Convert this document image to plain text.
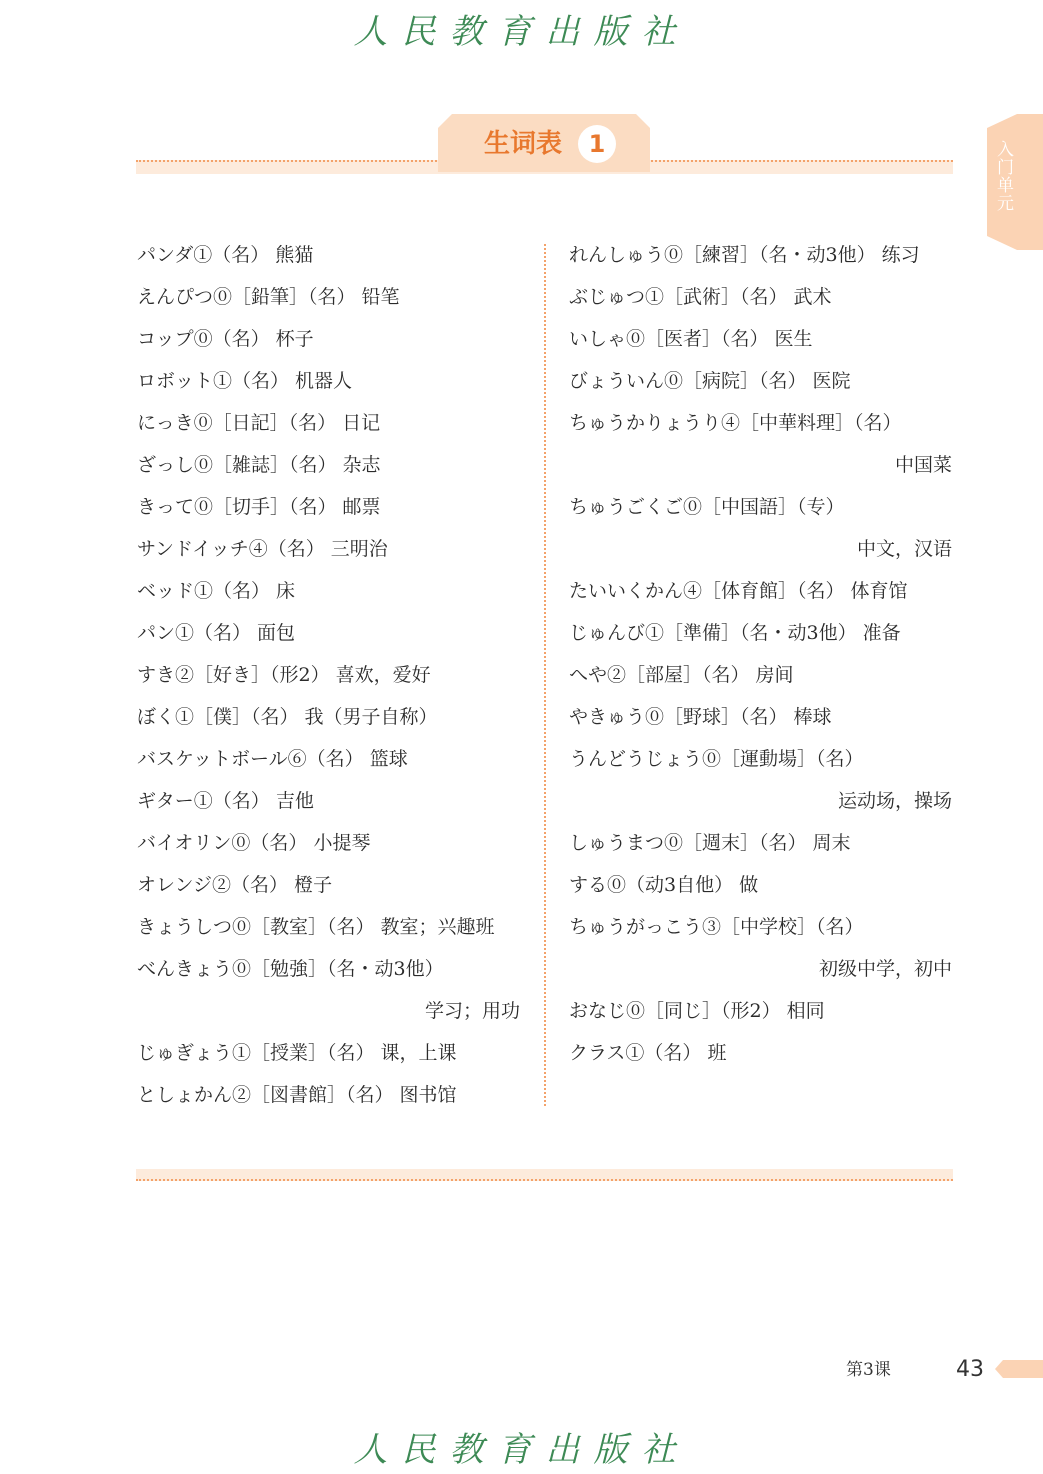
人民教育出版社
生词表	1	入门单元
パンダ①（名） 熊猫
えんぴつ⓪［鉛筆］（名） 铅笔
コップ⓪（名） 杯子
ロボット①（名） 机器人
にっき⓪［日記］（名） 日记
ざっし⓪［雑誌］（名） 杂志
きって⓪［切手］（名） 邮票
サンドイッチ④（名） 三明治
ベッド①（名） 床
パン①（名） 面包
すき②［好き］（形2） 喜欢，爱好
ぼく①［僕］（名） 我（男子自称）
バスケットボール⑥（名） 篮球
ギター①（名） 吉他
バイオリン⓪（名） 小提琴
オレンジ②（名） 橙子
きょうしつ⓪［教室］（名） 教室；兴趣班
べんきょう⓪［勉強］（名・动3他）
学习；用功
じゅぎょう①［授業］（名） 课，上课
としょかん②［図書館］（名） 图书馆
れんしゅう⓪［練習］（名・动3他） 练习
ぶじゅつ①［武術］（名） 武术
いしゃ⓪［医者］（名） 医生
びょういん⓪［病院］（名） 医院
ちゅうかりょうり④［中華料理］（名）
中国菜
ちゅうごくご⓪［中国語］（专）
中文，汉语
たいいくかん④［体育館］（名） 体育馆
じゅんび①［準備］（名・动3他） 准备
へや②［部屋］（名） 房间
やきゅう⓪［野球］（名） 棒球
うんどうじょう⓪［運動場］（名）
运动场，操场
しゅうまつ⓪［週末］（名） 周末
する⓪（动3自他） 做
ちゅうがっこう③［中学校］（名）
初级中学，初中
おなじ⓪［同じ］（形2） 相同
クラス①（名） 班
第3课	43
人民教育出版社
